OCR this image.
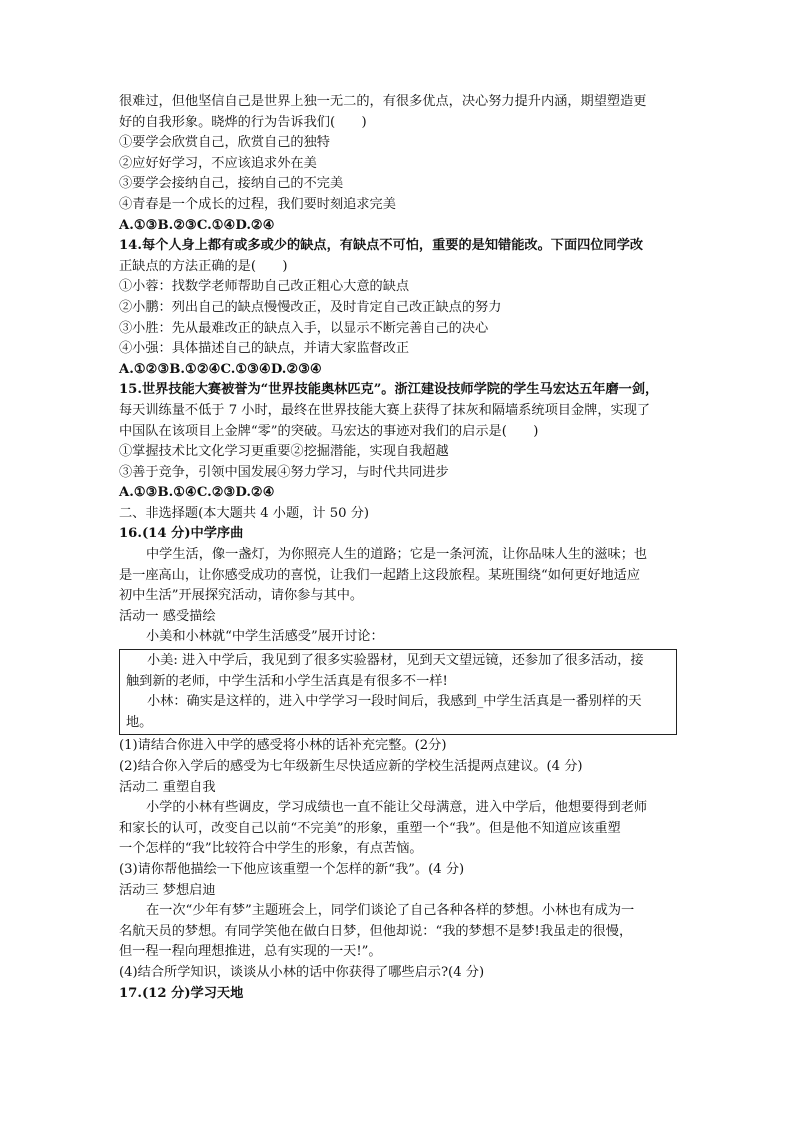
很难过，但他坚信自己是世界上独一无二的，有很多优点，决心努力提升内涵，期望塑造更
好的自我形象。晓烨的行为告诉我们(　　)
①要学会欣赏自己，欣赏自己的独特
②应好好学习，不应该追求外在美
③要学会接纳自己，接纳自己的不完美
④青春是一个成长的过程，我们要时刻追求完美
A.①③B.②③C.①④D.②④
14.每个人身上都有或多或少的缺点，有缺点不可怕，重要的是知错能改。下面四位同学改
正缺点的方法正确的是(　　)
①小蓉：找数学老师帮助自己改正粗心大意的缺点
②小鹏：列出自己的缺点慢慢改正，及时肯定自己改正缺点的努力
③小胜：先从最难改正的缺点入手，以显示不断完善自己的决心
④小强：具体描述自己的缺点，并请大家监督改正
A.①②③B.①②④C.①③④D.②③④
15.世界技能大赛被誉为“世界技能奥林匹克”。浙江建设技师学院的学生马宏达五年磨一剑，
每天训练量不低于 7 小时，最终在世界技能大赛上获得了抹灰和隔墙系统项目金牌，实现了
中国队在该项目上金牌“零”的突破。马宏达的事迹对我们的启示是(　　)
①掌握技术比文化学习更重要②挖掘潜能，实现自我超越
③善于竞争，引领中国发展④努力学习，与时代共同进步
A.①③B.①④C.②③D.②④
二、非选择题(本大题共 4 小题，计 50 分)
16.(14 分)中学序曲
中学生活，像一盏灯，为你照亮人生的道路；它是一条河流，让你品味人生的滋味；也
是一座高山，让你感受成功的喜悦，让我们一起踏上这段旅程。某班围绕“如何更好地适应
初中生活”开展探究活动，请你参与其中。
活动一 感受描绘
小美和小林就“中学生活感受”展开讨论：
小美: 进入中学后，我见到了很多实验器材，见到天文望远镜，还参加了很多活动，接
触到新的老师，中学生活和小学生活真是有很多不一样!
小林：确实是这样的，进入中学学习一段时间后，我感到_中学生活真是一番别样的天
地。
(1)请结合你进入中学的感受将小林的话补充完整。(2分)
(2)结合你入学后的感受为七年级新生尽快适应新的学校生活提两点建议。(4 分)
活动二 重塑自我
小学的小林有些调皮，学习成绩也一直不能让父母满意，进入中学后，他想要得到老师
和家长的认可，改变自己以前“不完美”的形象，重塑一个“我”。但是他不知道应该重塑
一个怎样的“我”比较符合中学生的形象，有点苦恼。
(3)请你帮他描绘一下他应该重塑一个怎样的新“我”。(4 分)
活动三 梦想启迪
在一次“少年有梦”主题班会上，同学们谈论了自己各种各样的梦想。小林也有成为一
名航天员的梦想。有同学笑他在做白日梦，但他却说：“我的梦想不是梦!我虽走的很慢，
但一程一程向理想推进，总有实现的一天!”。
(4)结合所学知识，谈谈从小林的话中你获得了哪些启示?(4 分)
17.(12 分)学习天地
